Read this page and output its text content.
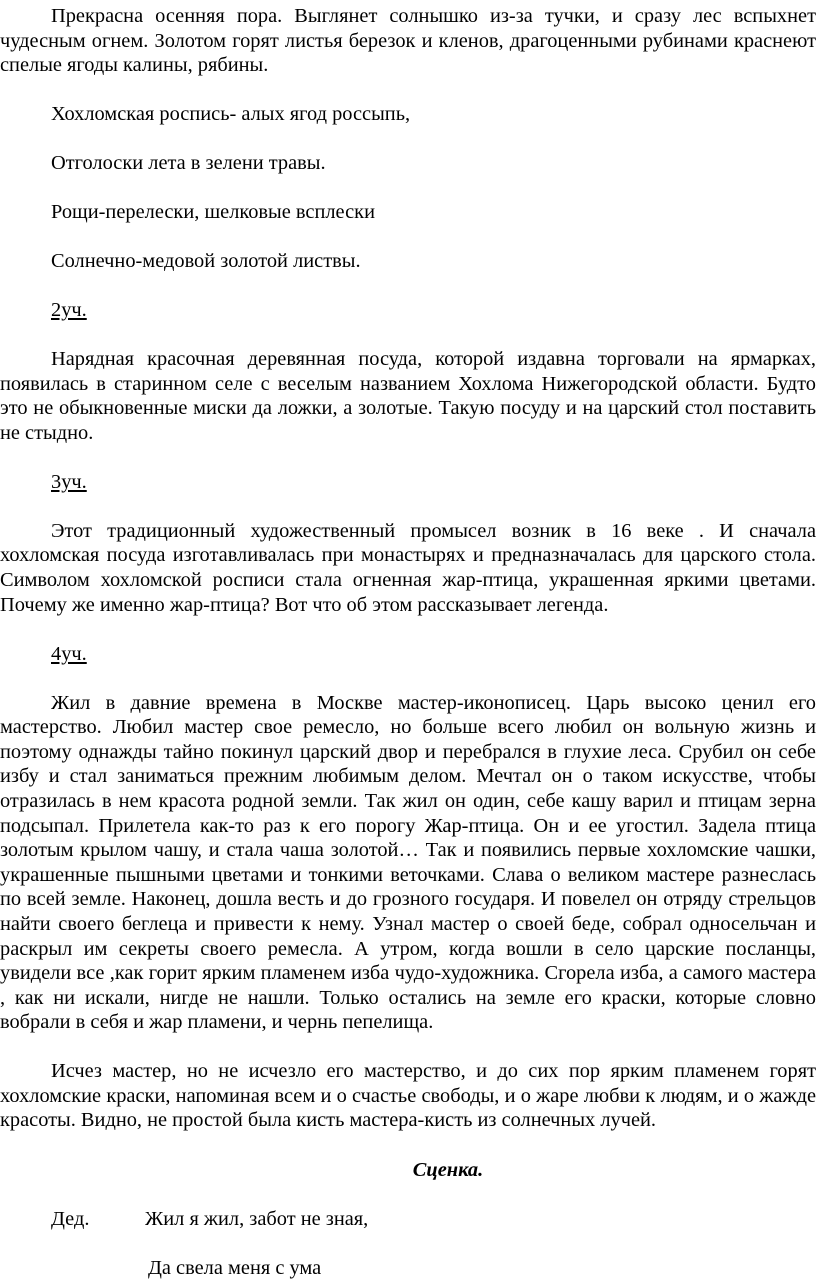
Прекрасна осенняя пора. Выглянет солнышко из-за тучки, и сразу лес вспыхнет чудесным огнем. Золотом горят листья березок и кленов, драгоценными рубинами краснеют спелые ягоды калины, рябины.

Хохломская роспись- алых ягод россыпь,

Отголоски лета в зелени травы.

Рощи-перелески, шелковые всплески

Солнечно-медовой золотой листвы.

2уч.

Нарядная красочная деревянная посуда, которой издавна торговали на ярмарках, появилась в старинном селе с веселым названием Хохлома Нижегородской области. Будто это не обыкновенные миски да ложки, а золотые. Такую посуду и на царский стол поставить не стыдно.

3уч.

Этот традиционный художественный промысел возник в 16 веке . И сначала хохломская посуда изготавливалась при монастырях и предназначалась для царского стола. Символом хохломской росписи стала огненная жар-птица, украшенная яркими цветами. Почему же именно жар-птица? Вот что об этом рассказывает легенда.

4уч.

Жил в давние времена в Москве мастер-иконописец. Царь высоко ценил его мастерство. Любил мастер свое ремесло, но больше всего любил он вольную жизнь и поэтому однажды тайно покинул царский двор и перебрался в глухие леса. Срубил он себе избу и стал заниматься прежним любимым делом. Мечтал он о таком искусстве, чтобы отразилась в нем красота родной земли. Так жил он один, себе кашу варил и птицам зерна подсыпал. Прилетела как-то раз к его порогу Жар-птица. Он и ее угостил. Задела птица золотым крылом чашу, и стала чаша золотой… Так и появились первые хохломские чашки, украшенные пышными цветами и тонкими веточками. Слава о великом мастере разнеслась по всей земле. Наконец, дошла весть и до грозного государя. И повелел он отряду стрельцов найти своего беглеца и привести к нему. Узнал мастер о своей беде, собрал односельчан и раскрыл им секреты своего ремесла. А утром, когда вошли в село царские посланцы, увидели все ,как горит ярким пламенем изба чудо-художника. Сгорела изба, а самого мастера , как ни искали, нигде не нашли. Только остались на земле его краски, которые словно вобрали в себя и жар пламени, и чернь пепелища.

Исчез мастер, но не исчезло его мастерство, и до сих пор ярким пламенем горят хохломские краски, напоминая всем и о счастье свободы, и о жаре любви к людям, и о жажде красоты. Видно, не простой была кисть мастера-кисть из солнечных лучей.

Сценка.

Дед.	Жил я жил, забот не зная,
Да свела меня с ума
